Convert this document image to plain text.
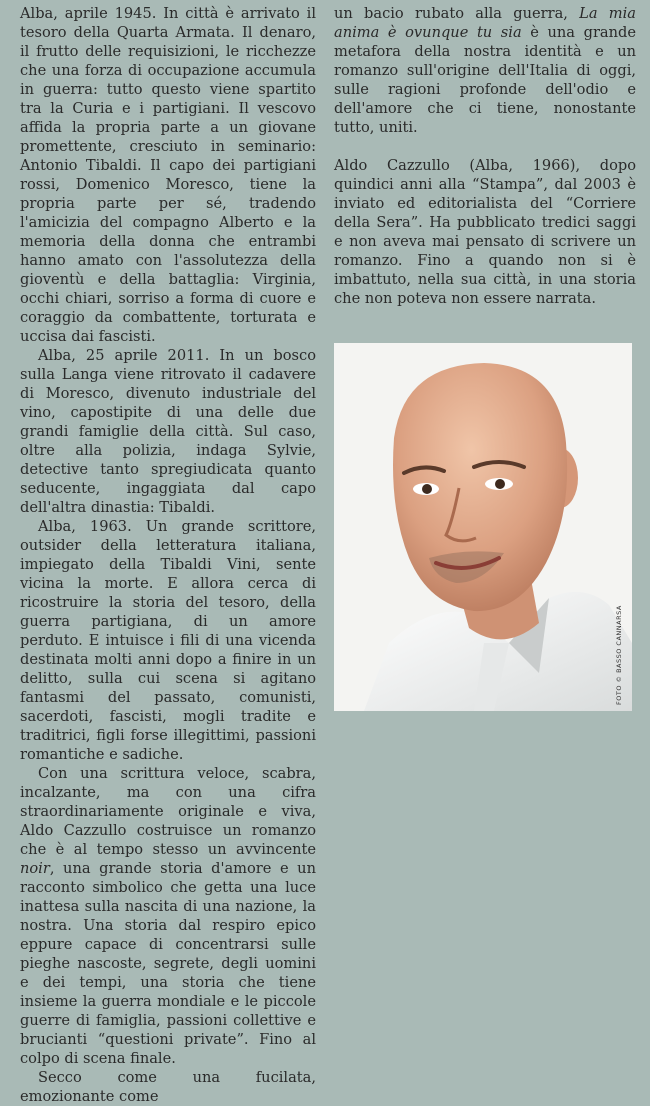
Alba, aprile 1945. In città è arrivato il tesoro della Quarta Armata. Il denaro, il frutto delle requisizioni, le ricchezze che una forza di occupazione accumula in guerra: tutto questo viene spartito tra la Curia e i partigiani. Il vescovo affida la propria parte a un giovane promettente, cresciuto in seminario: Antonio Tibaldi. Il capo dei partigiani rossi, Domenico Moresco, tiene la propria parte per sé, tradendo l'amicizia del compagno Alberto e la memoria della donna che entrambi hanno amato con l'assolutezza della gioventù e della battaglia: Virginia, occhi chiari, sorriso a forma di cuore e coraggio da combattente, torturata e uccisa dai fascisti.

Alba, 25 aprile 2011. In un bosco sulla Langa viene ritrovato il cadavere di Moresco, divenuto industriale del vino, capostipite di una delle due grandi famiglie della città. Sul caso, oltre alla polizia, indaga Sylvie, detective tanto spregiudicata quanto seducente, ingaggiata dal capo dell'altra dinastia: Tibaldi.

Alba, 1963. Un grande scrittore, outsider della letteratura italiana, impiegato della Tibaldi Vini, sente vicina la morte. E allora cerca di ricostruire la storia del tesoro, della guerra partigiana, di un amore perduto. E intuisce i fili di una vicenda destinata molti anni dopo a finire in un delitto, sulla cui scena si agitano fantasmi del passato, comunisti, sacerdoti, fascisti, mogli tradite e traditrici, figli forse illegittimi, passioni romantiche e sadiche.

Con una scrittura veloce, scabra, incalzante, ma con una cifra straordinariamente originale e viva, Aldo Cazzullo costruisce un romanzo che è al tempo stesso un avvincente noir, una grande storia d'amore e un racconto simbolico che getta una luce inattesa sulla nascita di una nazione, la nostra. Una storia dal respiro epico eppure capace di concentrarsi sulle pieghe nascoste, segrete, degli uomini e dei tempi, una storia che tiene insieme la guerra mondiale e le piccole guerre di famiglia, passioni collettive e brucianti “questioni private”. Fino al colpo di scena finale.

Secco come una fucilata, emozionante come

un bacio rubato alla guerra, La mia anima è ovunque tu sia è una grande metafora della nostra identità e un romanzo sull'origine dell'Italia di oggi, sulle ragioni profonde dell'odio e dell'amore che ci tiene, nonostante tutto, uniti.

Aldo Cazzullo (Alba, 1966), dopo quindici anni alla “Stampa”, dal 2003 è inviato ed editorialista del “Corriere della Sera”. Ha pubblicato tredici saggi e non aveva mai pensato di scrivere un romanzo. Fino a quando non si è imbattuto, nella sua città, in una storia che non poteva non essere narrata.

FOTO © BASSO CANNARSA
